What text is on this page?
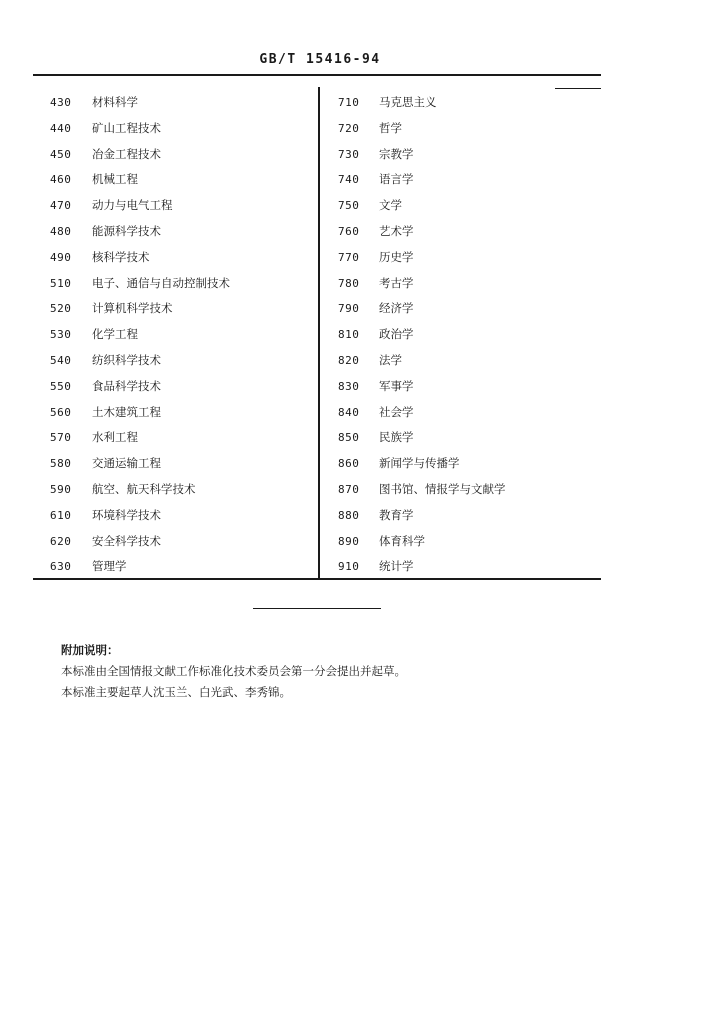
GB/T 15416-94
430 材料科学	710 马克思主义
440 矿山工程技术	720 哲学
450 冶金工程技术	730 宗教学
460 机械工程	740 语言学
470 动力与电气工程	750 文学
480 能源科学技术	760 艺术学
490 核科学技术	770 历史学
510 电子、通信与自动控制技术	780 考古学
520 计算机科学技术	790 经济学
530 化学工程	810 政治学
540 纺织科学技术	820 法学
550 食品科学技术	830 军事学
560 土木建筑工程	840 社会学
570 水利工程	850 民族学
580 交通运输工程	860 新闻学与传播学
590 航空、航天科学技术	870 图书馆、情报学与文献学
610 环境科学技术	880 教育学
620 安全科学技术	890 体育科学
630 管理学	910 统计学
附加说明：
本标准由全国情报文献工作标准化技术委员会第一分会提出并起草。
本标准主要起草人沈玉兰、白光武、李秀锦。
